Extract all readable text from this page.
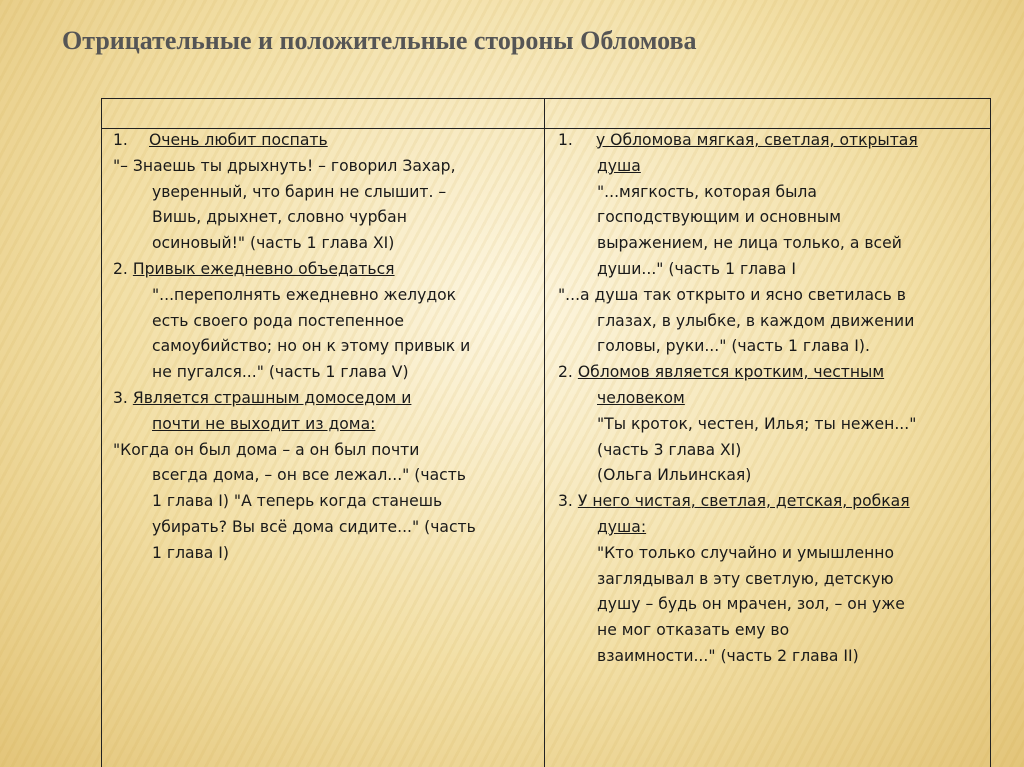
Отрицательные и положительные стороны Обломова
1. Очень любит поспать
"– Знаешь ты дрыхнуть! – говорил Захар,
уверенный, что барин не слышит. –
Вишь, дрыхнет, словно чурбан
осиновый!" (часть 1 глава XI)
2. Привык ежедневно объедаться
"...переполнять ежедневно желудок
есть своего рода постепенное
самоубийство; но он к этому привык и
не пугался..." (часть 1 глава V)
3. Является страшным домоседом и
почти не выходит из дома:
"Когда он был дома – а он был почти
всегда дома, – он все лежал..." (часть
1 глава I) "А теперь когда станешь
убирать? Вы всё дома сидите..." (часть
1 глава I)
1. у Обломова мягкая, светлая, открытая
душа
"...мягкость, которая была
господствующим и основным
выражением, не лица только, а всей
души..." (часть 1 глава I
"...а душа так открыто и ясно светилась в
глазах, в улыбке, в каждом движении
головы, руки..." (часть 1 глава I).
2. Обломов является кротким, честным
человеком
"Ты кроток, честен, Илья; ты нежен..."
(часть 3 глава XI)
(Ольга Ильинская)
3. У него чистая, светлая, детская, робкая
душа:
"Кто только случайно и умышленно
заглядывал в эту светлую, детскую
душу – будь он мрачен, зол, – он уже
не мог отказать ему во
взаимности..." (часть 2 глава II)
